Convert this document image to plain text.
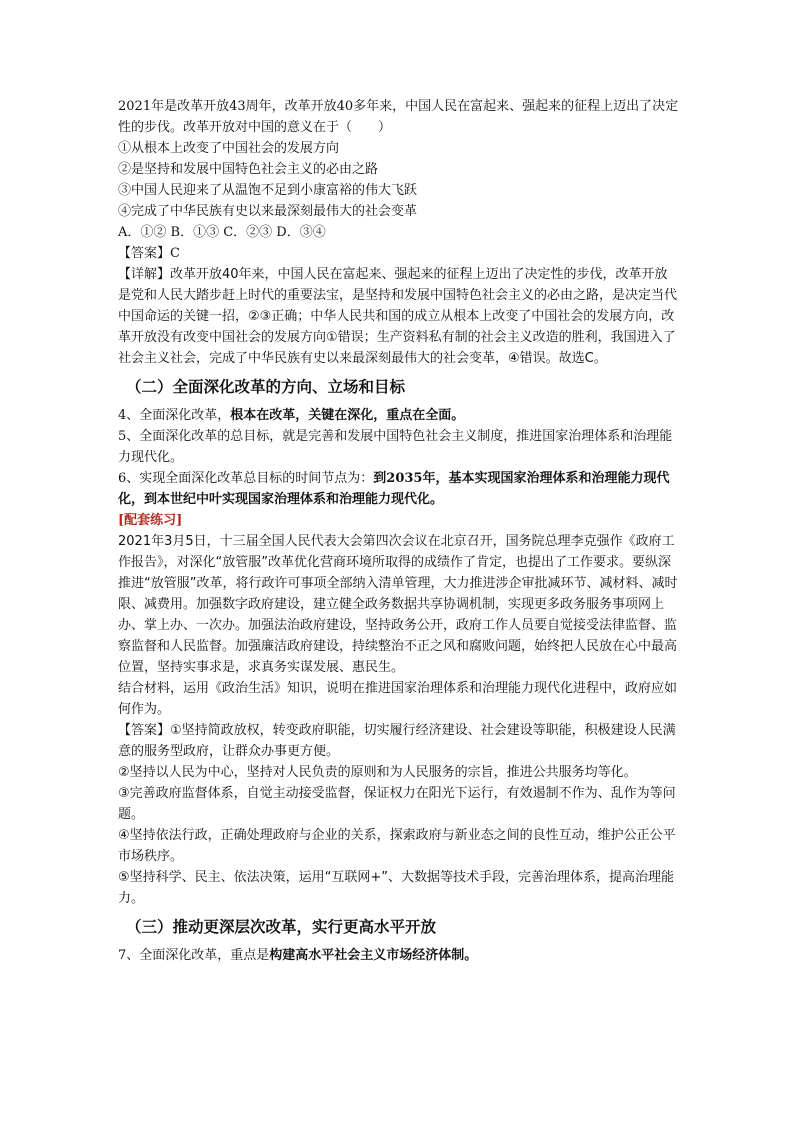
2021年是改革开放43周年，改革开放40多年来，中国人民在富起来、强起来的征程上迈出了决定性的步伐。改革开放对中国的意义在于（　　）

①从根本上改变了中国社会的发展方向

②是坚持和发展中国特色社会主义的必由之路

③中国人民迎来了从温饱不足到小康富裕的伟大飞跃

④完成了中华民族有史以来最深刻最伟大的社会变革

A．①② B．①③ C．②③ D．③④

【答案】C

【详解】改革开放40年来，中国人民在富起来、强起来的征程上迈出了决定性的步伐，改革开放是党和人民大踏步赶上时代的重要法宝，是坚持和发展中国特色社会主义的必由之路，是决定当代中国命运的关键一招，②③正确；中华人民共和国的成立从根本上改变了中国社会的发展方向，改革开放没有改变中国社会的发展方向①错误；生产资料私有制的社会主义改造的胜利，我国进入了社会主义社会，完成了中华民族有史以来最深刻最伟大的社会变革，④错误。故选C。

（二）全面深化改革的方向、立场和目标

4、全面深化改革，根本在改革，关键在深化，重点在全面。

5、全面深化改革的总目标，就是完善和发展中国特色社会主义制度，推进国家治理体系和治理能力现代化。

6、实现全面深化改革总目标的时间节点为：到2035年，基本实现国家治理体系和治理能力现代化，到本世纪中叶实现国家治理体系和治理能力现代化。

[配套练习]

2021年3月5日，十三届全国人民代表大会第四次会议在北京召开，国务院总理李克强作《政府工作报告》，对深化“放管服”改革优化营商环境所取得的成绩作了肯定，也提出了工作要求。要纵深推进“放管服”改革，将行政许可事项全部纳入清单管理，大力推进涉企审批减环节、减材料、减时限、减费用。加强数字政府建设，建立健全政务数据共享协调机制，实现更多政务服务事项网上办、掌上办、一次办。加强法治政府建设，坚持政务公开，政府工作人员要自觉接受法律监督、监察监督和人民监督。加强廉洁政府建设，持续整治不正之风和腐败问题，始终把人民放在心中最高位置，坚持实事求是，求真务实谋发展、惠民生。

结合材料，运用《政治生活》知识，说明在推进国家治理体系和治理能力现代化进程中，政府应如何作为。

【答案】①坚持简政放权，转变政府职能，切实履行经济建设、社会建设等职能，积极建设人民满意的服务型政府，让群众办事更方便。

②坚持以人民为中心，坚持对人民负责的原则和为人民服务的宗旨，推进公共服务均等化。

③完善政府监督体系，自觉主动接受监督，保证权力在阳光下运行，有效遏制不作为、乱作为等问题。

④坚持依法行政，正确处理政府与企业的关系，探索政府与新业态之间的良性互动，维护公正公平市场秩序。

⑤坚持科学、民主、依法决策，运用“互联网+”、大数据等技术手段，完善治理体系，提高治理能力。

（三）推动更深层次改革，实行更高水平开放

7、全面深化改革，重点是构建高水平社会主义市场经济体制。
